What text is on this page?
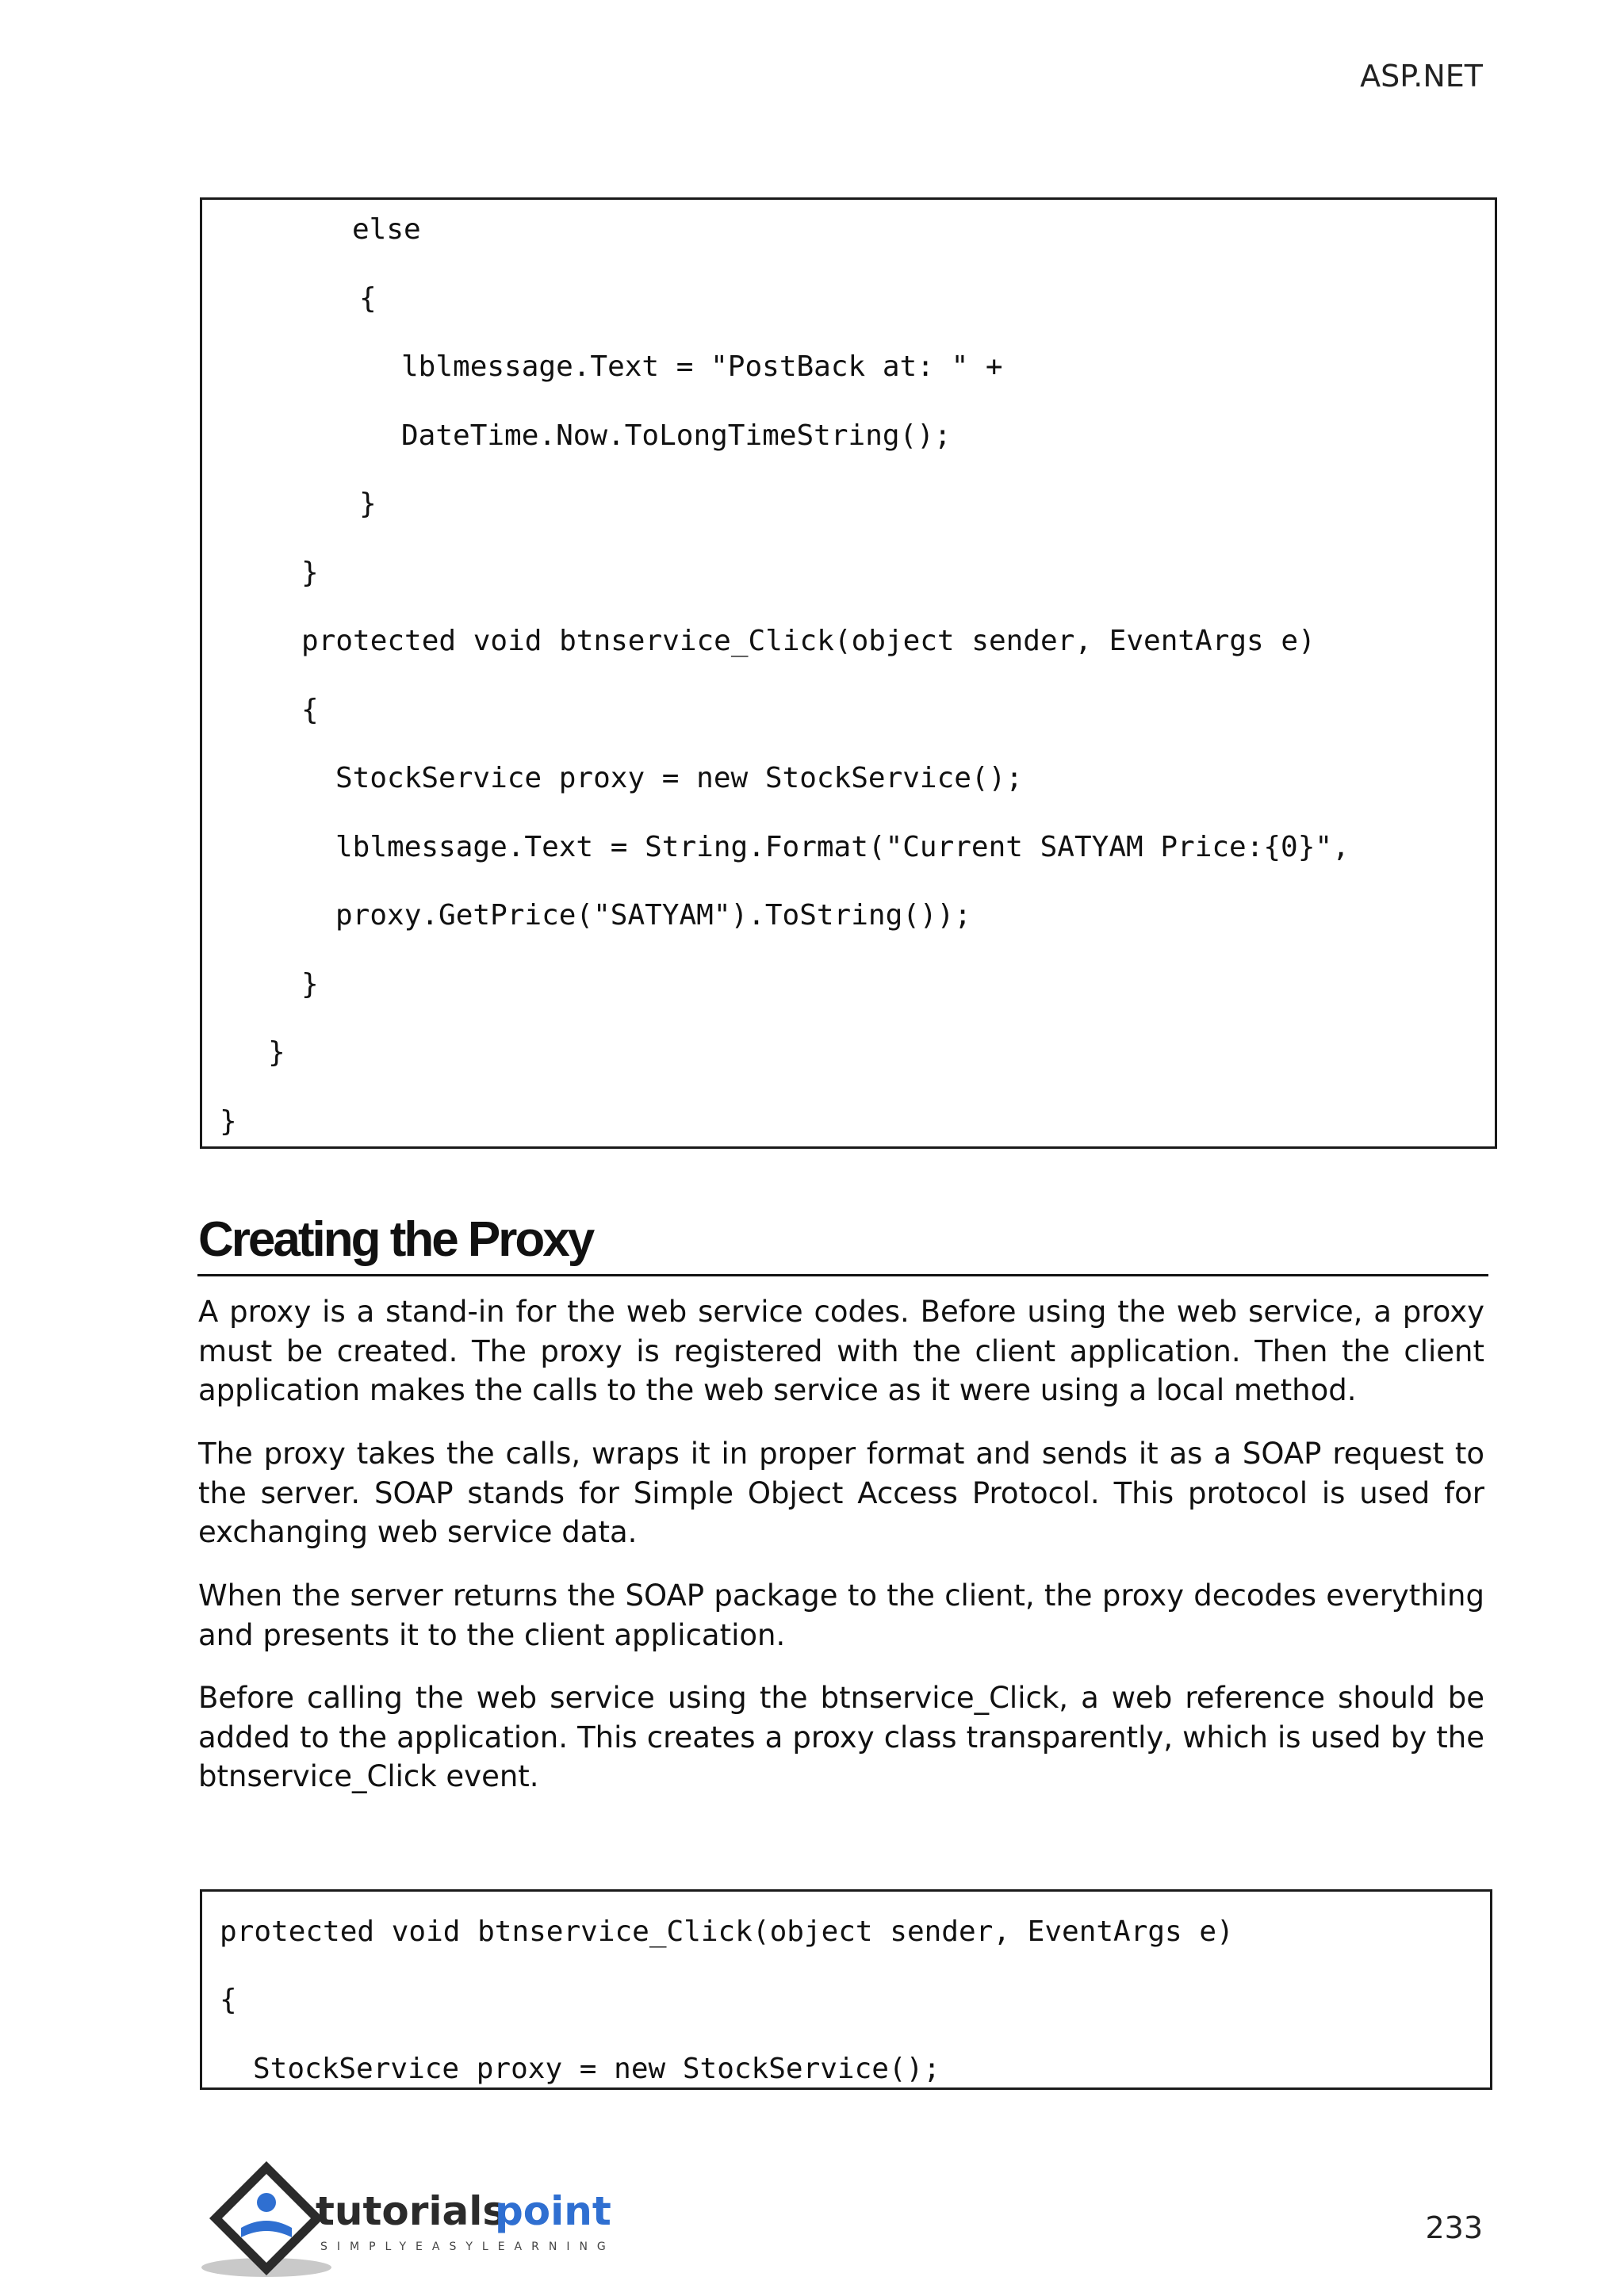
ASP.NET
else
{
lblmessage.Text = "PostBack at: " +
DateTime.Now.ToLongTimeString();
}
}
protected void btnservice_Click(object sender, EventArgs e)
{
StockService proxy = new StockService();
lblmessage.Text = String.Format("Current SATYAM Price:{0}",
proxy.GetPrice("SATYAM").ToString());
}
}
}
Creating the Proxy

A proxy is a stand-in for the web service codes. Before using the web service, a proxy must be created. The proxy is registered with the client application. Then the client application makes the calls to the web service as it were using a local method.

The proxy takes the calls, wraps it in proper format and sends it as a SOAP request to the server. SOAP stands for Simple Object Access Protocol. This protocol is used for exchanging web service data.

When the server returns the SOAP package to the client, the proxy decodes everything and presents it to the client application.

Before calling the web service using the btnservice_Click, a web reference should be added to the application. This creates a proxy class transparently, which is used by the btnservice_Click event.

protected void btnservice_Click(object sender, EventArgs e)
{
StockService proxy = new StockService();
tutorials
point
SIMPLYEASYLEARNING
233
